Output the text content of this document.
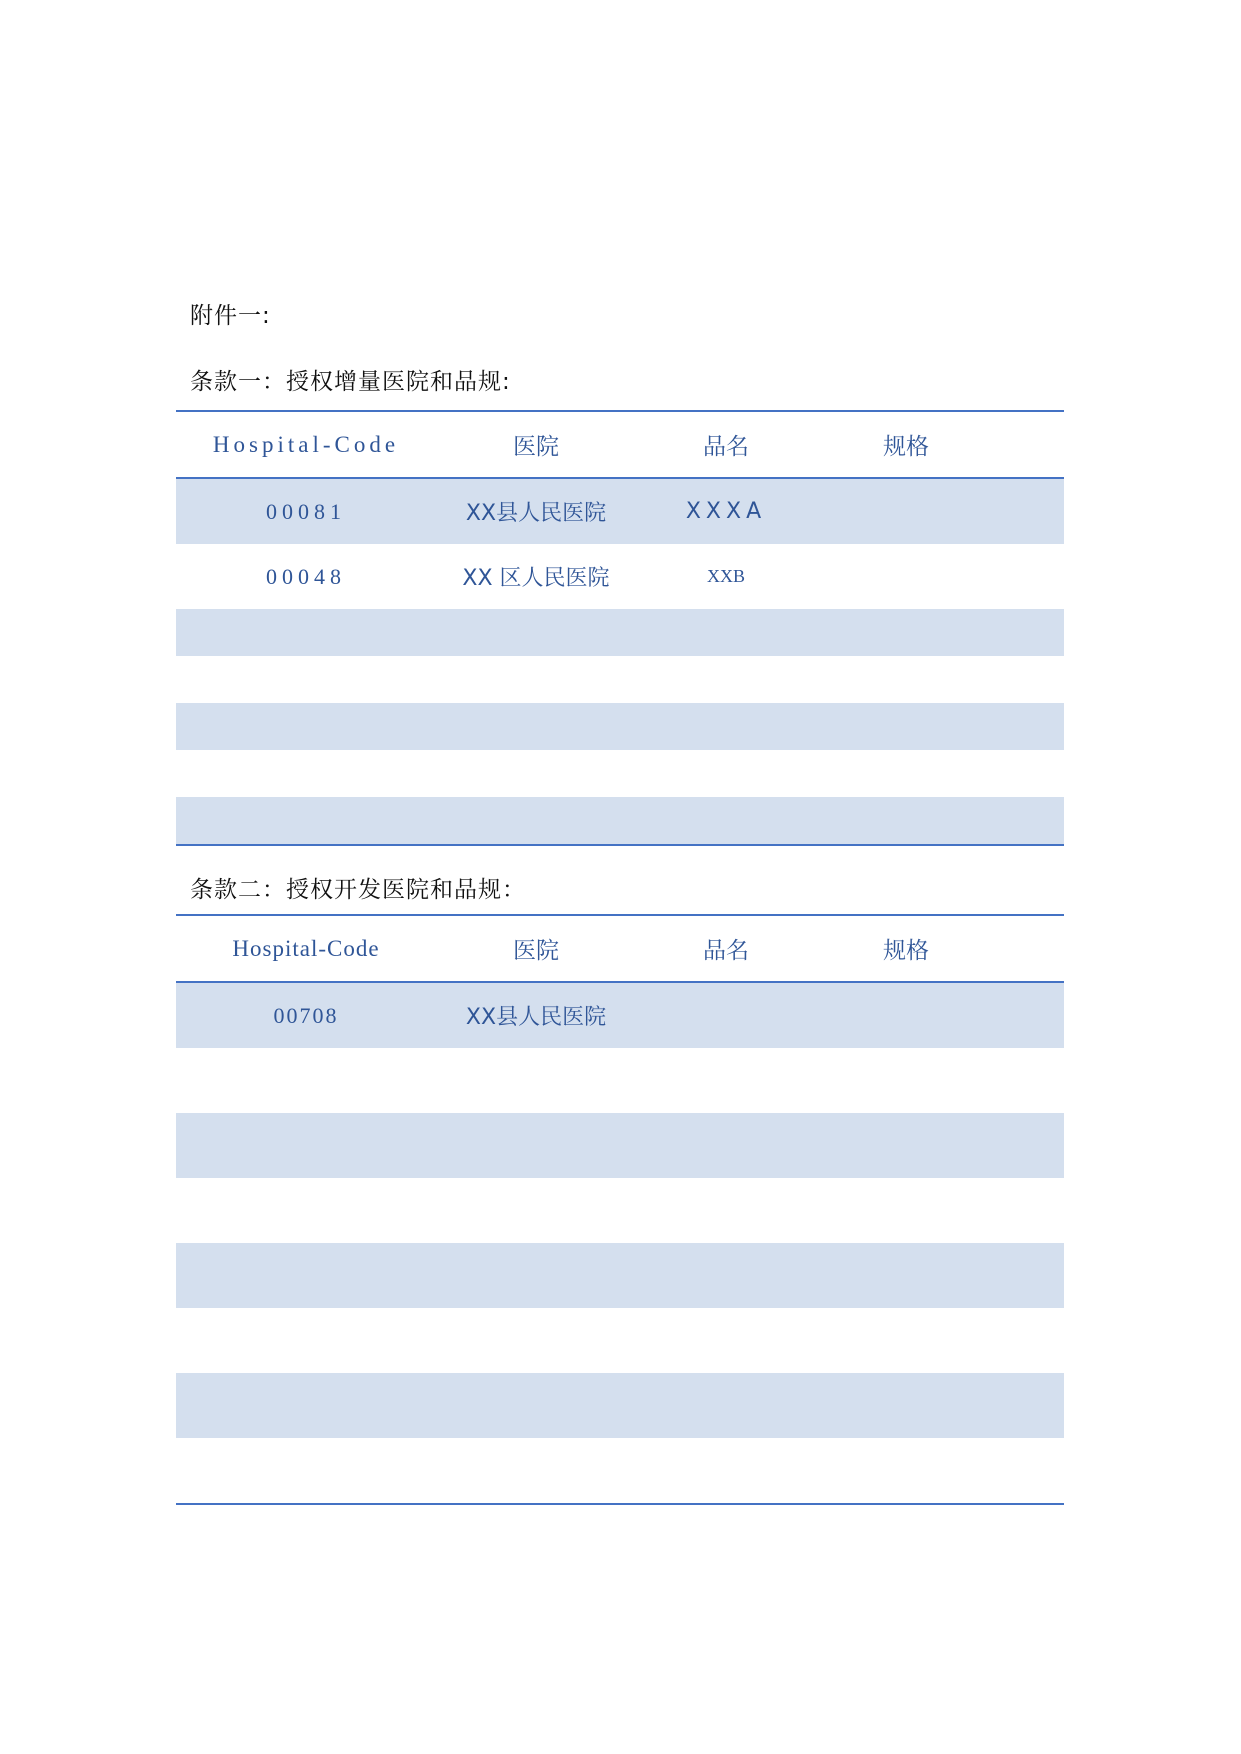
附件一:
条款一：授权增量医院和品规:
Hospital-Code	医院	品名	规格
00081	XX县人民医院	XXXA
00048	XX 区人民医院	XXB
条款二：授权开发医院和品规：
Hospital-Code	医院	品名	规格
00708	XX县人民医院
